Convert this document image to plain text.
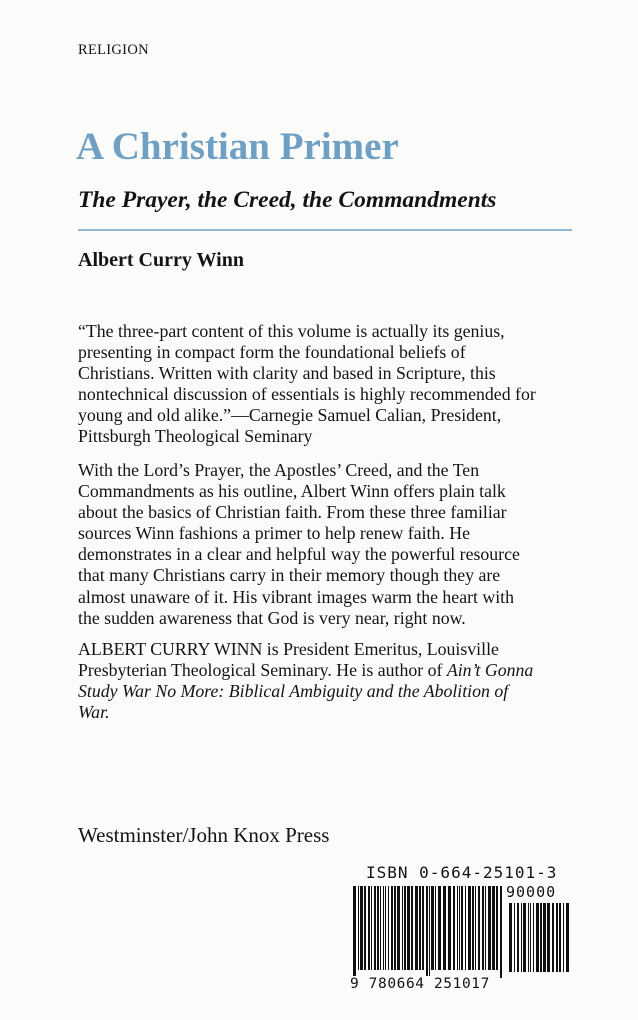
RELIGION
A Christian Primer
The Prayer, the Creed, the Commandments
Albert Curry Winn

“The three-part content of this volume is actually its genius,

presenting in compact form the foundational beliefs of

Christians. Written with clarity and based in Scripture, this

nontechnical discussion of essentials is highly recommended for

young and old alike.”—Carnegie Samuel Calian, President,

Pittsburgh Theological Seminary

With the Lord’s Prayer, the Apostles’ Creed, and the Ten

Commandments as his outline, Albert Winn offers plain talk

about the basics of Christian faith. From these three familiar

sources Winn fashions a primer to help renew faith. He

demonstrates in a clear and helpful way the powerful resource

that many Christians carry in their memory though they are

almost unaware of it. His vibrant images warm the heart with

the sudden awareness that God is very near, right now.

ALBERT CURRY WINN is President Emeritus, Louisville

Presbyterian Theological Seminary. He is author of Ain’t Gonna

Study War No More: Biblical Ambiguity and the Abolition of

War.

Westminster/John Knox Press
ISBN 0-664-25101-3
90000
9 780664 251017
